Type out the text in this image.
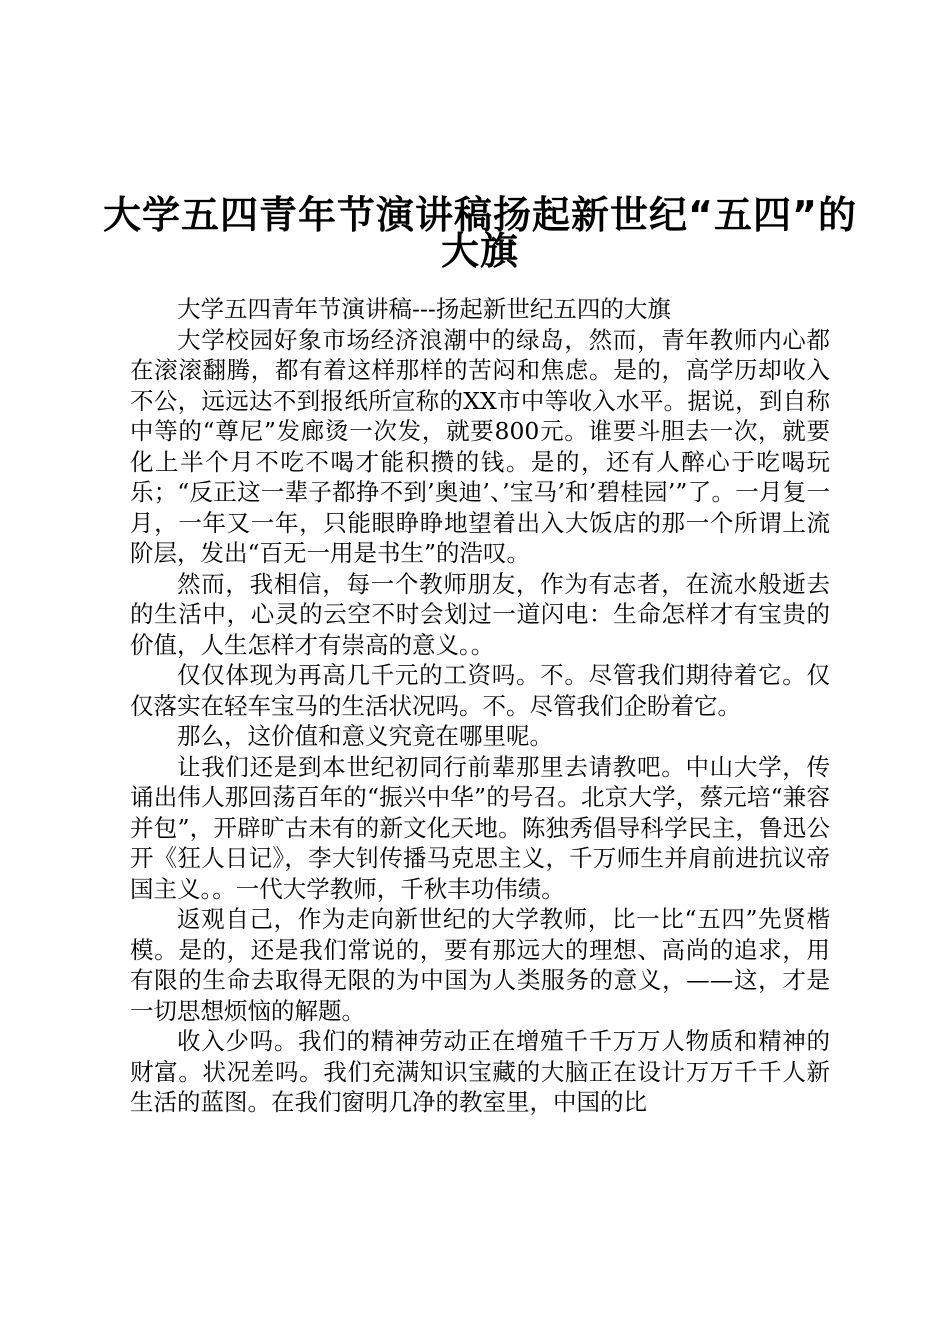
大学五四青年节演讲稿扬起新世纪“五四”的
大旗

大学五四青年节演讲稿---扬起新世纪五四的大旗

大学校园好象市场经济浪潮中的绿岛，然而，青年教师内心都在滚滚翻腾，都有着这样那样的苦闷和焦虑。是的，高学历却收入不公，远远达不到报纸所宣称的XX市中等收入水平。据说，到自称中等的“尊尼”发廊烫一次发，就要800元。谁要斗胆去一次，就要化上半个月不吃不喝才能积攒的钱。是的，还有人醉心于吃喝玩乐；“反正这一辈子都挣不到’奥迪’、’宝马’和’碧桂园’”了。一月复一月，一年又一年，只能眼睁睁地望着出入大饭店的那一个所谓上流阶层，发出“百无一用是书生”的浩叹。

然而，我相信，每一个教师朋友，作为有志者，在流水般逝去的生活中，心灵的云空不时会划过一道闪电：生命怎样才有宝贵的价值，人生怎样才有崇高的意义。。

仅仅体现为再高几千元的工资吗。不。尽管我们期待着它。仅仅落实在轻车宝马的生活状况吗。不。尽管我们企盼着它。

那么，这价值和意义究竟在哪里呢。

让我们还是到本世纪初同行前辈那里去请教吧。中山大学，传诵出伟人那回荡百年的“振兴中华”的号召。北京大学，蔡元培“兼容并包”，开辟旷古未有的新文化天地。陈独秀倡导科学民主，鲁迅公开《狂人日记》，李大钊传播马克思主义，千万师生并肩前进抗议帝国主义。。一代大学教师，千秋丰功伟绩。

返观自己，作为走向新世纪的大学教师，比一比“五四”先贤楷模。是的，还是我们常说的，要有那远大的理想、高尚的追求，用有限的生命去取得无限的为中国为人类服务的意义，——这，才是一切思想烦恼的解题。

收入少吗。我们的精神劳动正在增殖千千万万人物质和精神的财富。状况差吗。我们充满知识宝藏的大脑正在设计万万千千人新生活的蓝图。在我们窗明几净的教室里，中国的比
